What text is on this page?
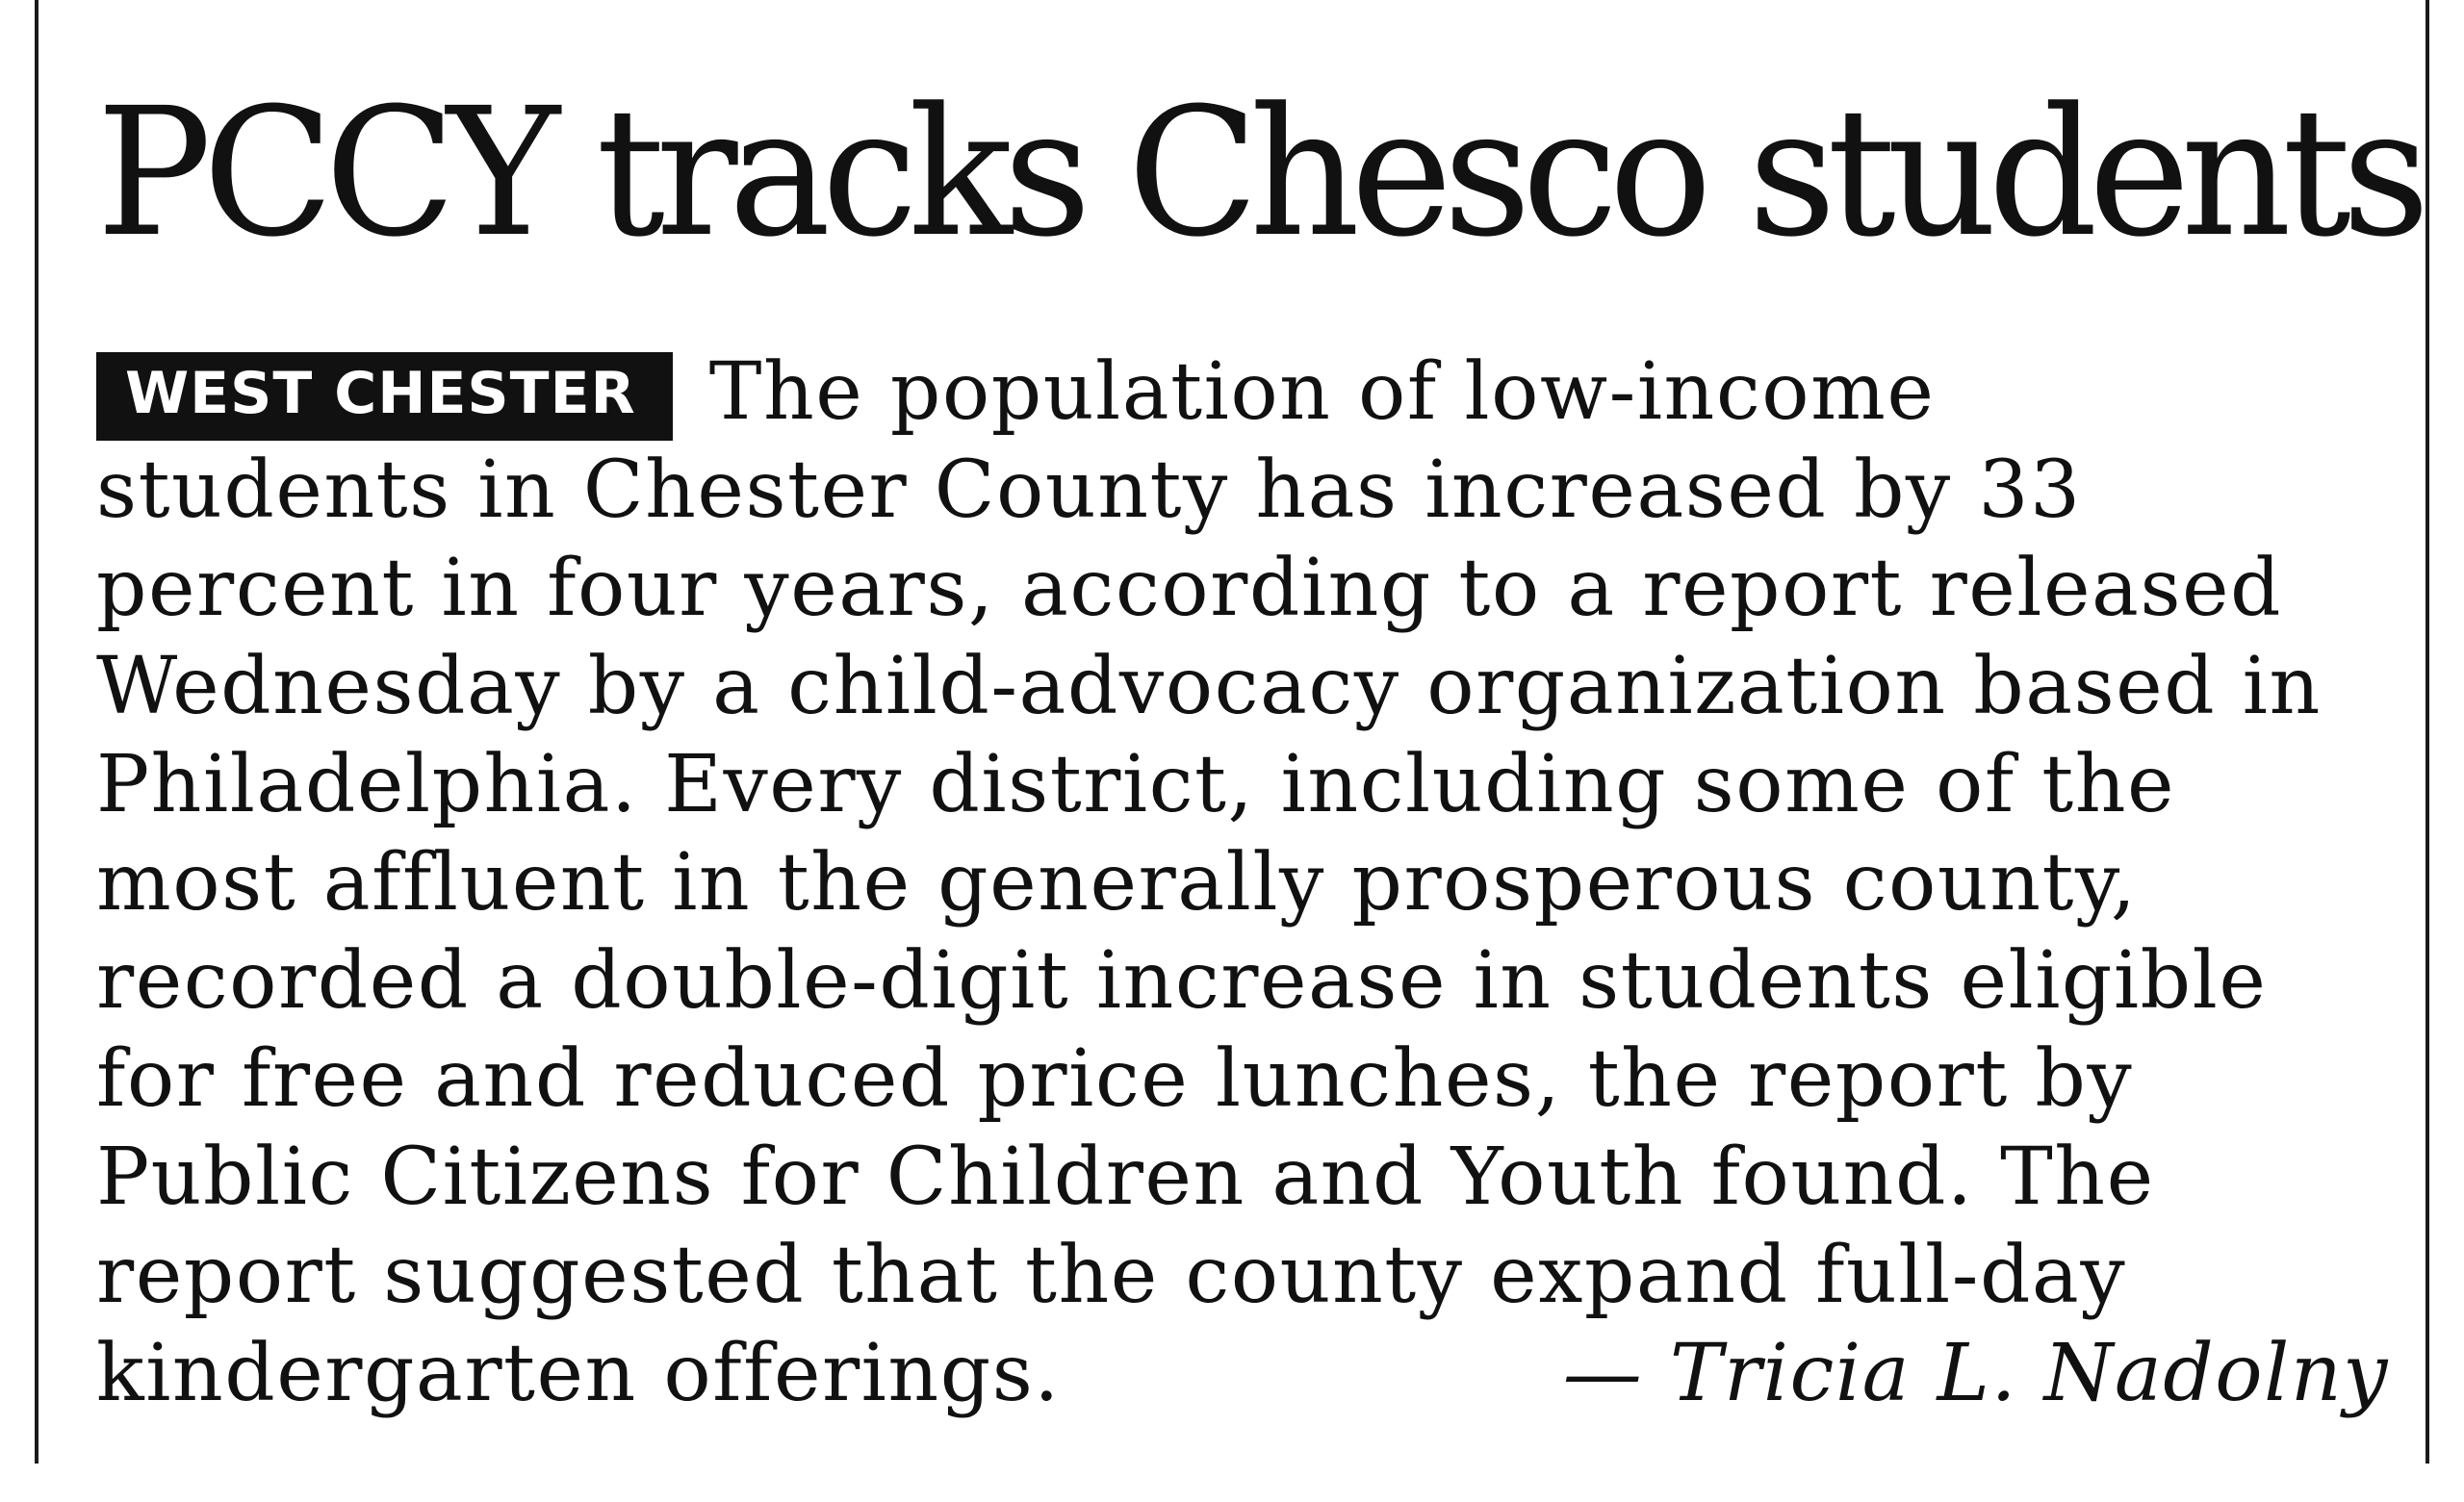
PCCY tracks Chesco students
WEST CHESTER The population of low-income
students in Chester County has increased by 33
percent in four years, according to a report released
Wednesday by a child-advocacy organization based in
Philadelphia. Every district, including some of the
most affluent in the generally prosperous county,
recorded a double-digit increase in students eligible
for free and reduced price lunches, the report by
Public Citizens for Children and Youth found. The
report suggested that the county expand full-day
kindergarten offerings.	— Tricia L. Nadolny
